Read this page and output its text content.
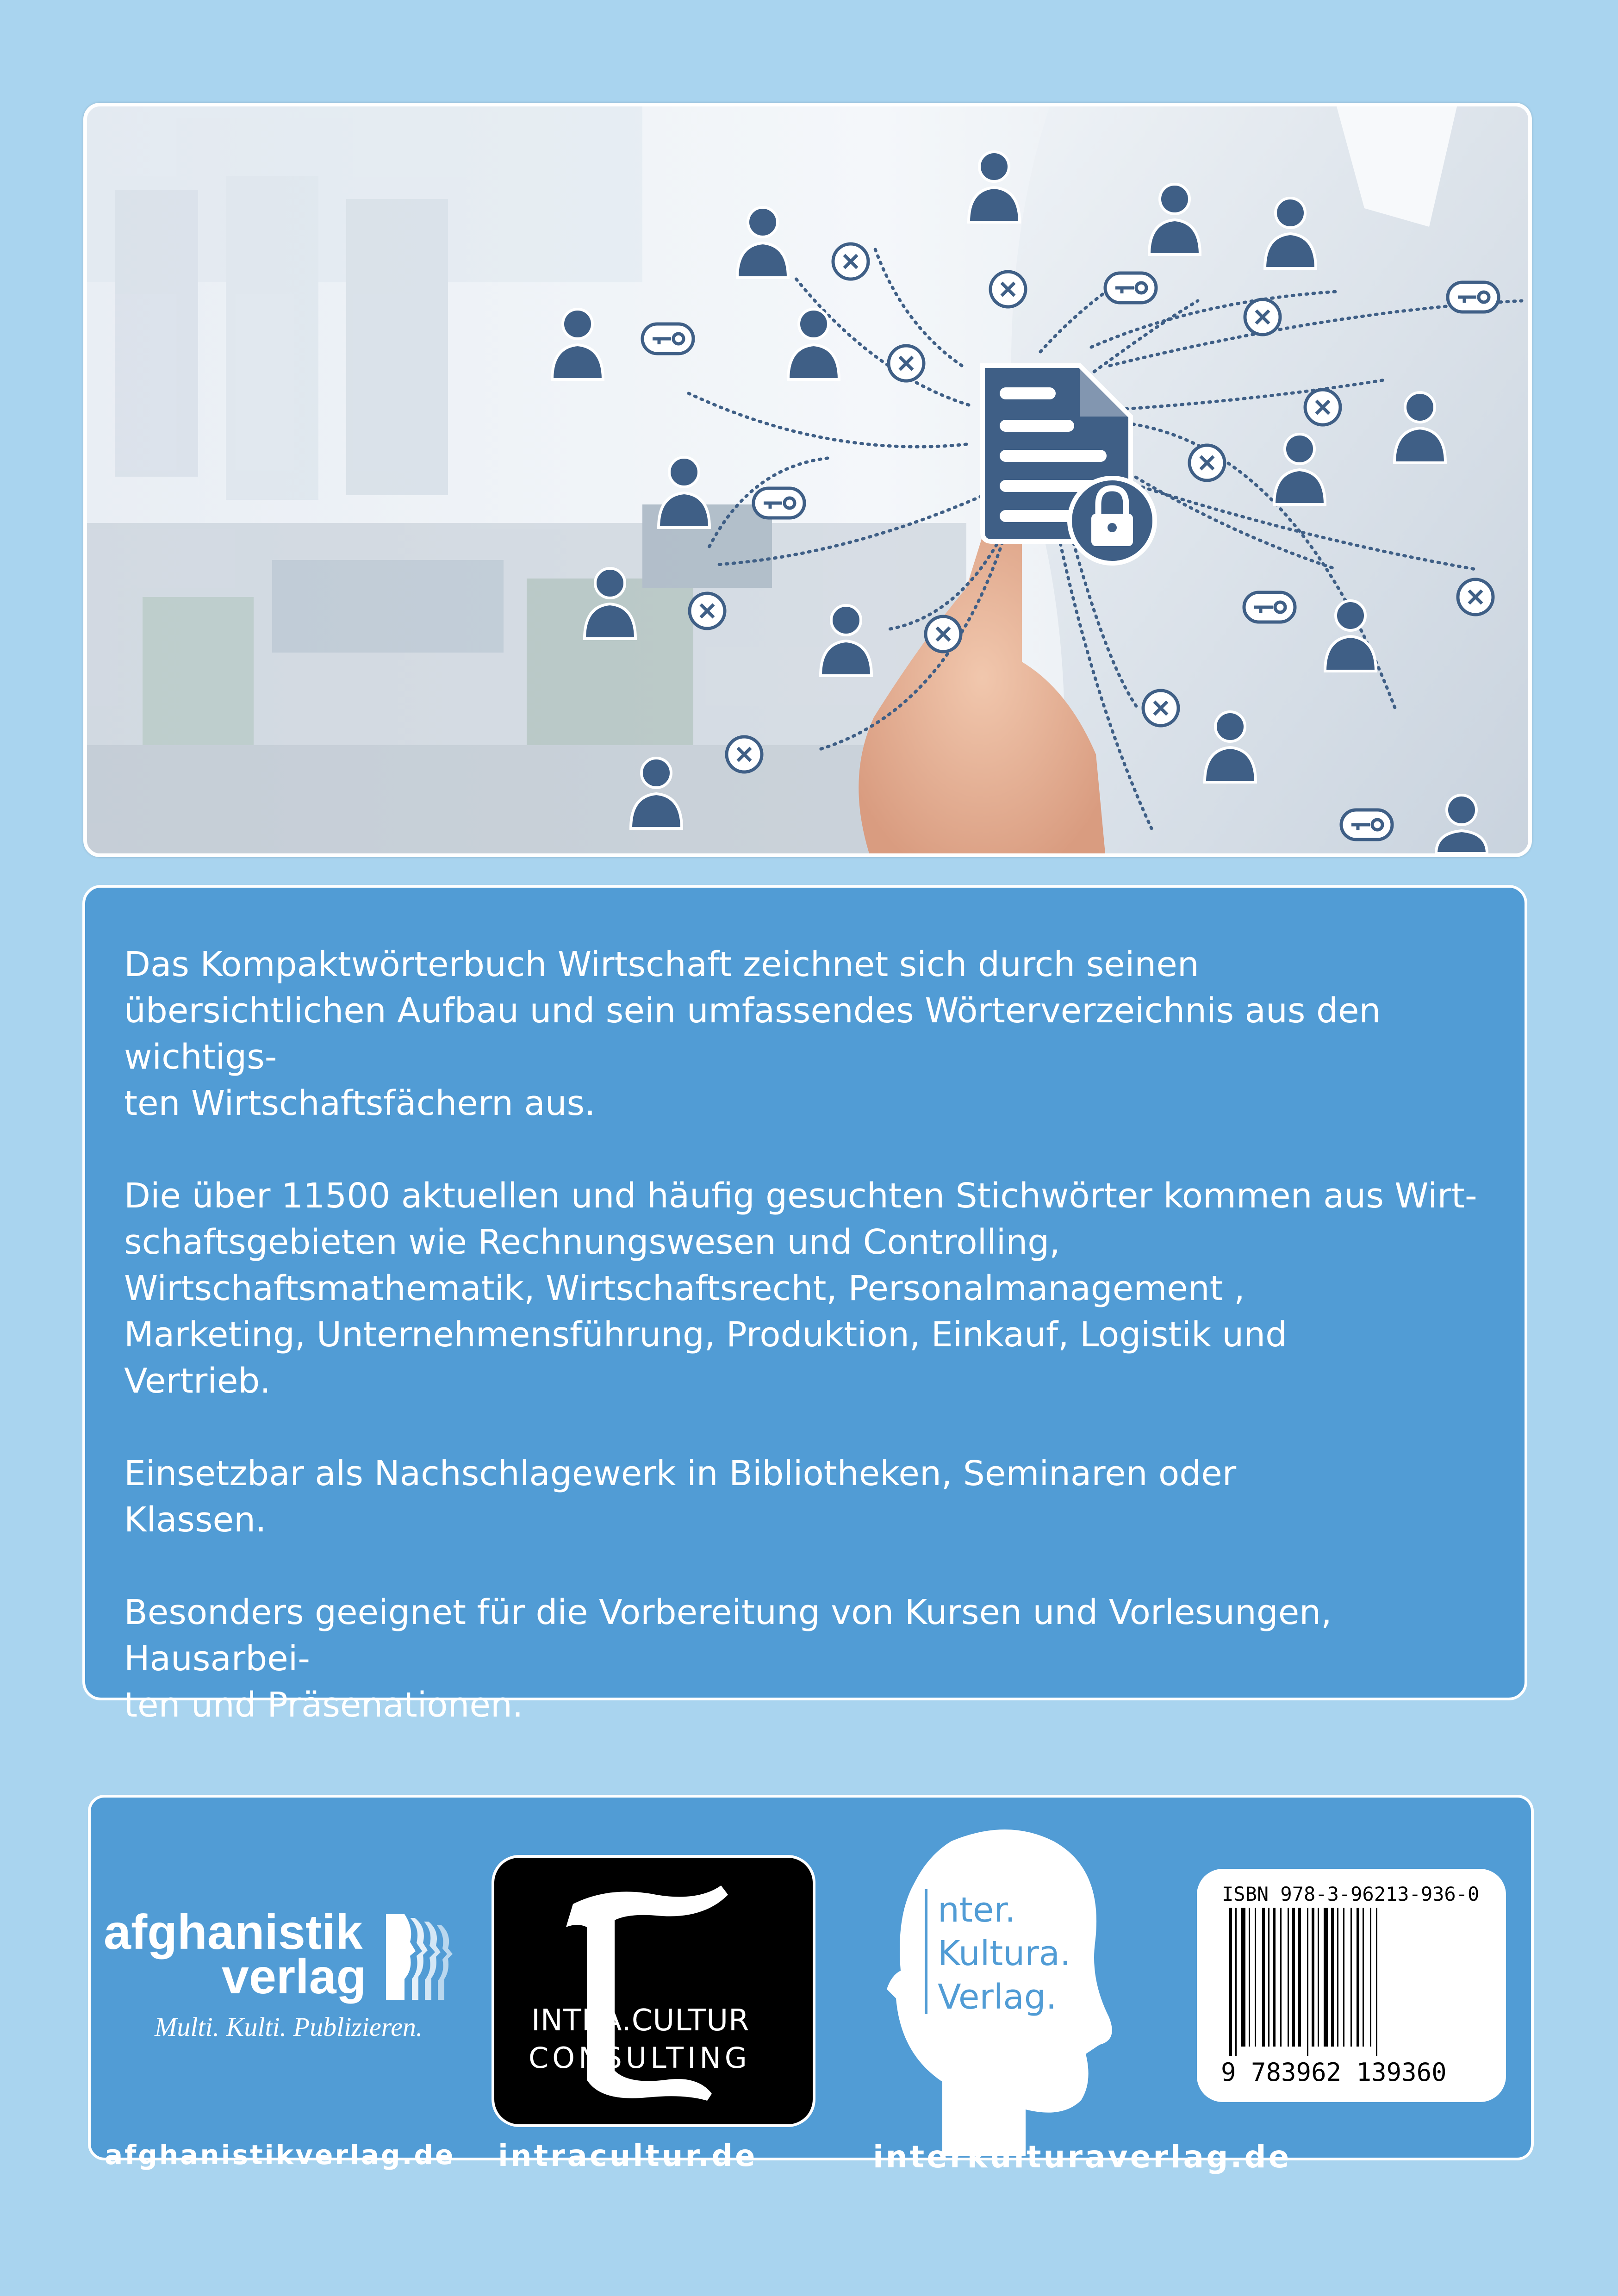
Das Kompaktwörterbuch Wirtschaft zeichnet sich durch seinen
übersichtlichen Aufbau und sein umfassendes Wörterverzeichnis aus den wichtigs-
ten Wirtschaftsfächern aus.

Die über 11500 aktuellen und häufig gesuchten Stichwörter kommen aus Wirt-
schaftsgebieten wie Rechnungswesen und Controlling,
Wirtschaftsmathematik, Wirtschaftsrecht, Personalmanagement ,
Marketing, Unternehmensführung, Produktion, Einkauf, Logistik und
Vertrieb.

Einsetzbar als Nachschlagewerk in Bibliotheken, Seminaren oder
Klassen.

Besonders geeignet für die Vorbereitung von Kursen und Vorlesungen, Hausarbei-
ten und Präsenationen.

afghanistik
verlag
Multi. Kulti. Publizieren.	INTRA.CULTUR
CONSULTING
nter.
Kultura.
Verlag.
ISBN 978-3-96213-936-0
9 783962 139360
afghanistikverlag.de intracultur.de	interkulturaverlag.de
